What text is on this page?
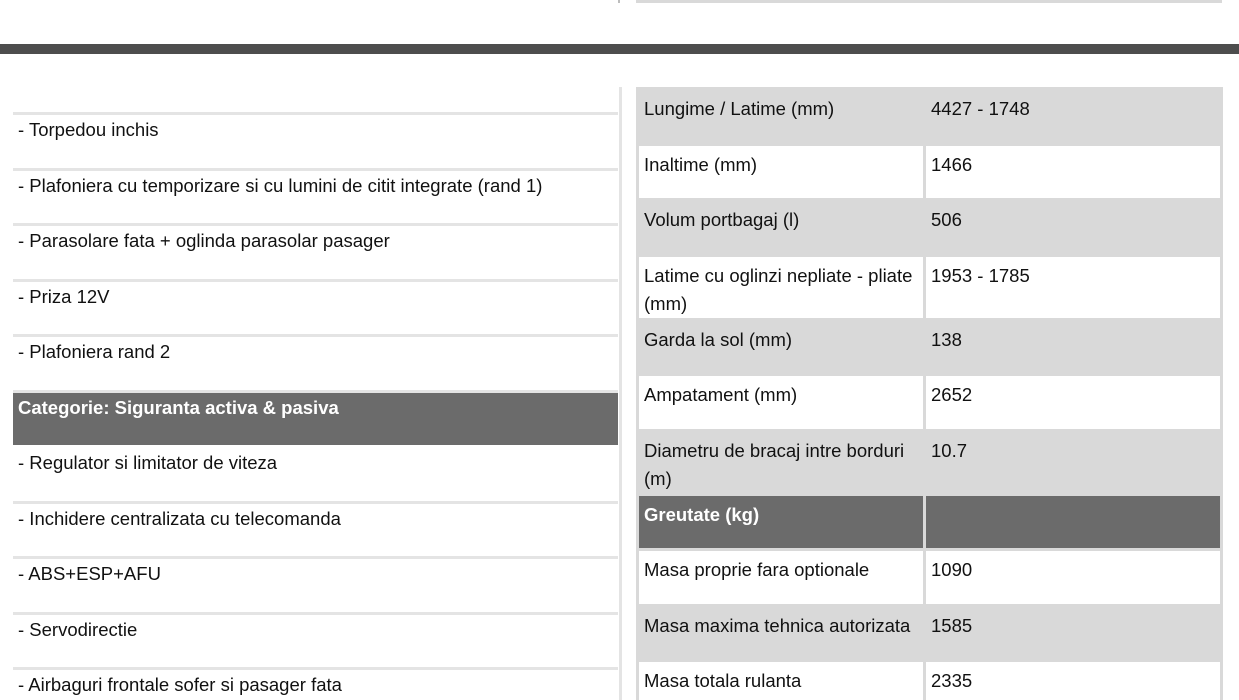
- Torpedou inchis
- Plafoniera cu temporizare si cu lumini de citit integrate (rand 1)
- Parasolare fata + oglinda parasolar pasager
- Priza 12V
- Plafoniera rand 2
Categorie: Siguranta activa & pasiva
- Regulator si limitator de viteza
- Inchidere centralizata cu telecomanda
- ABS+ESP+AFU
- Servodirectie
- Airbaguri frontale sofer si pasager fata
Lungime / Latime (mm)	4427 - 1748
Inaltime (mm)	1466
Volum portbagaj (l)	506
Latime cu oglinzi nepliate - pliate (mm)	1953 - 1785
Garda la sol (mm)	138
Ampatament (mm)	2652
Diametru de bracaj intre borduri (m)	10.7
Greutate (kg)	
Masa proprie fara optionale	1090
Masa maxima tehnica autorizata	1585
Masa totala rulanta	2335
